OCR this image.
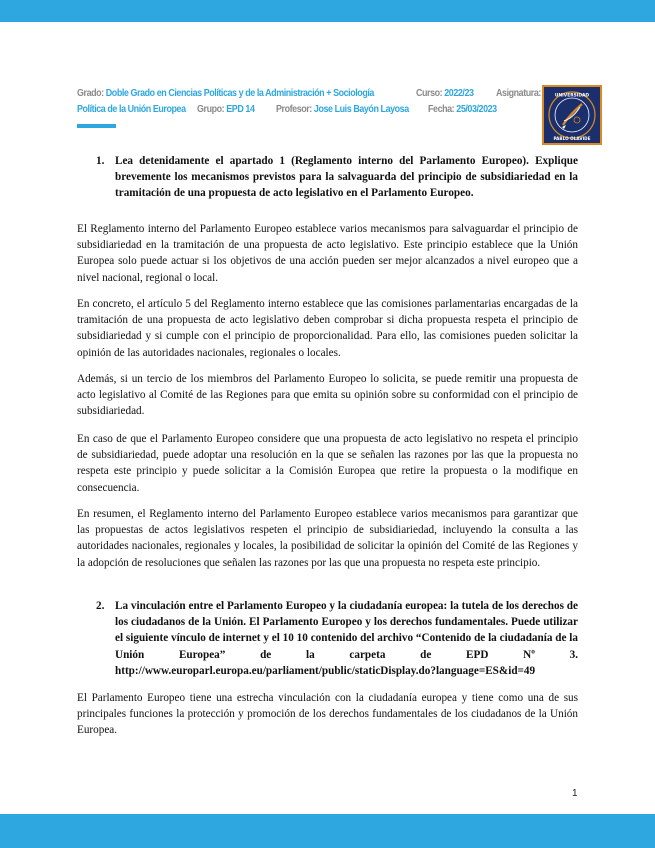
Grado: Doble Grado en Ciencias Políticas y de la Administración + Sociología	Curso: 2022/23 Asignatura:
Política de la Unión Europea Grupo: EPD 14 Profesor: Jose Luis Bayón Layosa Fecha: 25/03/2023
UNIVERSIDAD
PABLO OLAVIDE
1. Lea detenidamente el apartado 1 (Reglamento interno del Parlamento Europeo). Explique brevemente los mecanismos previstos para la salvaguarda del principio de subsidiariedad en la tramitación de una propuesta de acto legislativo en el Parlamento Europeo.
El Reglamento interno del Parlamento Europeo establece varios mecanismos para salvaguardar el principio de subsidiariedad en la tramitación de una propuesta de acto legislativo. Este principio establece que la Unión Europea solo puede actuar si los objetivos de una acción pueden ser mejor alcanzados a nivel europeo que a nivel nacional, regional o local.
En concreto, el artículo 5 del Reglamento interno establece que las comisiones parlamentarias encargadas de la tramitación de una propuesta de acto legislativo deben comprobar si dicha propuesta respeta el principio de subsidiariedad y si cumple con el principio de proporcionalidad. Para ello, las comisiones pueden solicitar la opinión de las autoridades nacionales, regionales o locales.
Además, si un tercio de los miembros del Parlamento Europeo lo solicita, se puede remitir una propuesta de acto legislativo al Comité de las Regiones para que emita su opinión sobre su conformidad con el principio de subsidiariedad.
En caso de que el Parlamento Europeo considere que una propuesta de acto legislativo no respeta el principio de subsidiariedad, puede adoptar una resolución en la que se señalen las razones por las que la propuesta no respeta este principio y puede solicitar a la Comisión Europea que retire la propuesta o la modifique en consecuencia.
En resumen, el Reglamento interno del Parlamento Europeo establece varios mecanismos para garantizar que las propuestas de actos legislativos respeten el principio de subsidiariedad, incluyendo la consulta a las autoridades nacionales, regionales y locales, la posibilidad de solicitar la opinión del Comité de las Regiones y la adopción de resoluciones que señalen las razones por las que una propuesta no respeta este principio.
2. La vinculación entre el Parlamento Europeo y la ciudadanía europea: la tutela de los derechos de los ciudadanos de la Unión. El Parlamento Europeo y los derechos fundamentales. Puede utilizar el siguiente vínculo de internet y el 10 10 contenido del archivo “Contenido de la ciudadanía de la Unión Europea” de la carpeta de EPD Nº 3. http://www.europarl.europa.eu/parliament/public/staticDisplay.do?language=ES&id=49
El Parlamento Europeo tiene una estrecha vinculación con la ciudadanía europea y tiene como una de sus principales funciones la protección y promoción de los derechos fundamentales de los ciudadanos de la Unión Europea.
1
